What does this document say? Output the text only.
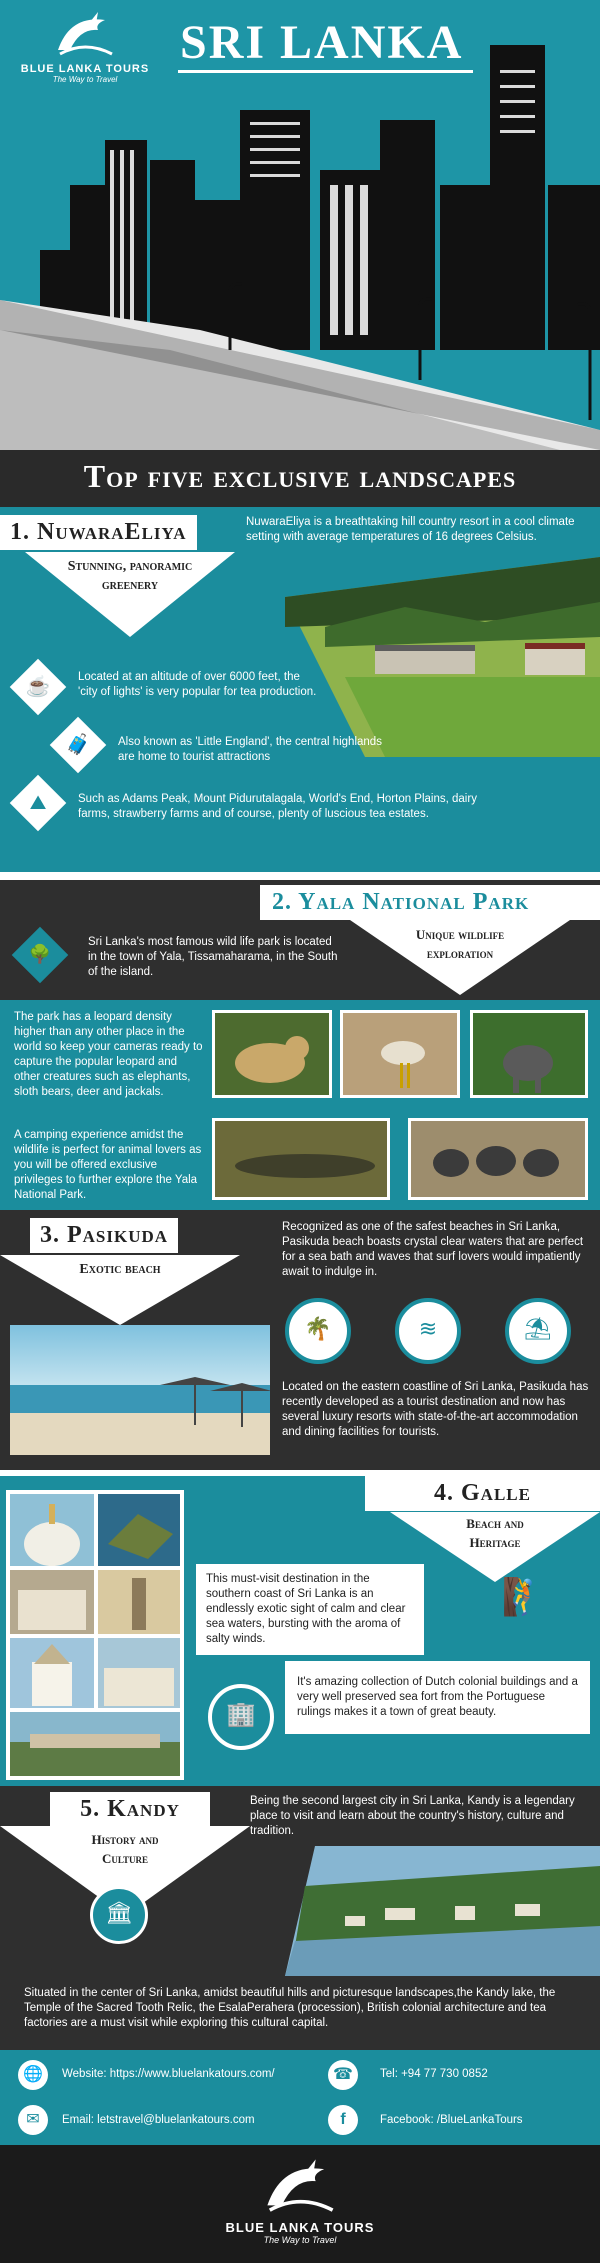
BLUE LANKA TOURS
The Way to Travel
SRI LANKA
Top five exclusive landscapes
1. NuwaraEliya
Stunning, panoramic greenery
NuwaraEliya is a breathtaking hill country resort in a cool climate setting with average temperatures of 16 degrees Celsius.
☕ Located at an altitude of over 6000 feet, the 'city of lights' is very popular for tea production.
🧳 Also known as 'Little England', the central highlands are home to tourist attractions
⛰	Such as Adams Peak, Mount Pidurutalagala, World's End, Horton Plains, dairy farms, strawberry farms and of course, plenty of luscious tea estates.
2. Yala National Park
Unique wildlife exploration
🌳
Sri Lanka's most famous wild life park is located in the town of Yala, Tissamaharama, in the South of the island.
The park has a leopard density higher than any other place in the world so keep your cameras ready to capture the popular leopard and other creatures such as elephants, sloth bears, deer and jackals.
A camping experience amidst the wildlife is perfect for animal lovers as you will be offered exclusive privileges to further explore the Yala National Park.
3. Pasikuda
Exotic beach
Recognized as one of the safest beaches in Sri Lanka, Pasikuda beach boasts crystal clear waters that are perfect for a sea bath and waves that surf lovers would impatiently await to indulge in.
🌴	≋	⛱
Located on the eastern coastline of Sri Lanka, Pasikuda has recently developed as a tourist destination and now has several luxury resorts with state-of-the-art accommodation and dining facilities for tourists.
4. Galle
Beach and Heritage
This must-visit destination in the southern coast of Sri Lanka is an endlessly exotic sight of calm and clear sea waters, bursting with the aroma of salty winds.
🧗
🏢
It's amazing collection of Dutch colonial buildings and a very well preserved sea fort from the Portuguese rulings makes it a town of great beauty.
5. Kandy
History and Culture
🏛
Being the second largest city in Sri Lanka, Kandy is a legendary place to visit and learn about the country's history, culture and tradition.
Situated in the center of Sri Lanka, amidst beautiful hills and picturesque landscapes,the Kandy lake, the Temple of the Sacred Tooth Relic, the EsalaPerahera (procession), British colonial architecture and tea factories are a must visit while exploring this cultural capital.
🌐	Website: https://www.bluelankatours.com/	☎	Tel: +94 77 730 0852
✉	Email: letstravel@bluelankatours.com	f	Facebook: /BlueLankaTours
BLUE LANKA TOURS
The Way to Travel
